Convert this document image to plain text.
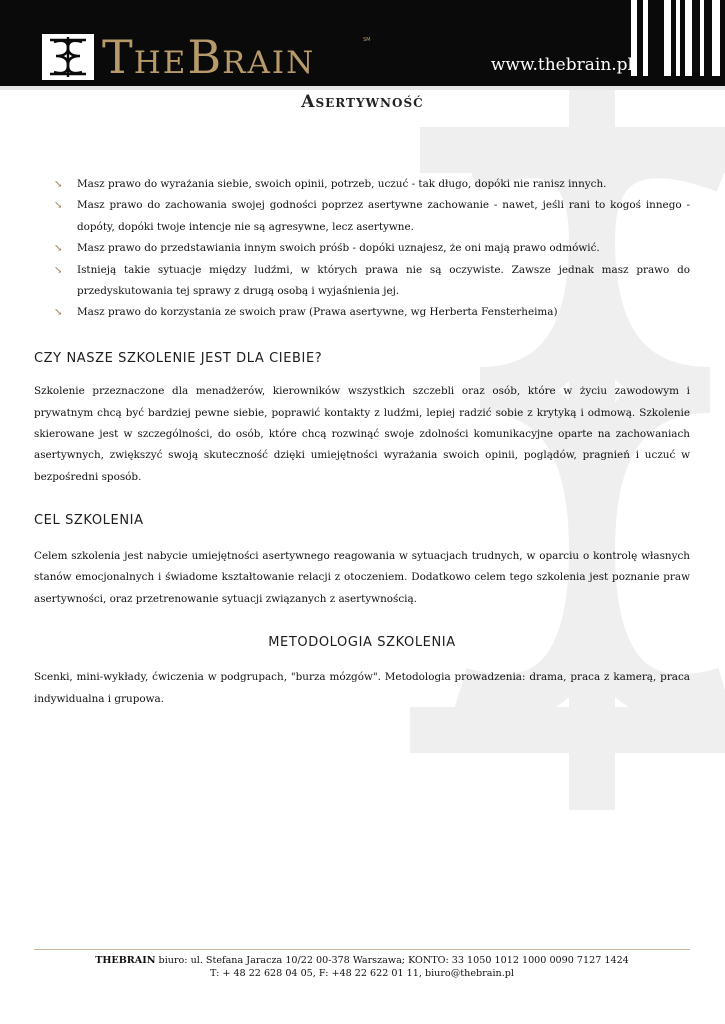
THEBRAIN
SM
www.thebrain.pl
Asertywność
↘ Masz prawo do wyrażania siebie, swoich opinii, potrzeb, uczuć - tak długo, dopóki nie ranisz innych.
↘ Masz prawo do zachowania swojej godności poprzez asertywne zachowanie - nawet, jeśli rani to kogoś innego - dopóty, dopóki twoje intencje nie są agresywne, lecz asertywne.
↘ Masz prawo do przedstawiania innym swoich próśb - dopóki uznajesz, że oni mają prawo odmówić.
↘ Istnieją takie sytuacje między ludźmi, w których prawa nie są oczywiste. Zawsze jednak masz prawo do przedyskutowania tej sprawy z drugą osobą i wyjaśnienia jej.
↘ Masz prawo do korzystania ze swoich praw (Prawa asertywne, wg Herberta Fensterheima)
CZY NASZE SZKOLENIE JEST DLA CIEBIE?

Szkolenie przeznaczone dla menadżerów, kierowników wszystkich szczebli oraz osób, które w życiu zawodowym i prywatnym chcą być bardziej pewne siebie, poprawić kontakty z ludźmi, lepiej radzić sobie z krytyką i odmową. Szkolenie skierowane jest w szczególności, do osób, które chcą rozwinąć swoje zdolności komunikacyjne oparte na zachowaniach asertywnych, zwiększyć swoją skuteczność dzięki umiejętności wyrażania swoich opinii, poglądów, pragnień i uczuć w bezpośredni sposób.

CEL SZKOLENIA

Celem szkolenia jest nabycie umiejętności asertywnego reagowania w sytuacjach trudnych, w oparciu o kontrolę własnych stanów emocjonalnych i świadome kształtowanie relacji z otoczeniem. Dodatkowo celem tego szkolenia jest poznanie praw asertywności, oraz przetrenowanie sytuacji związanych z asertywnością.

METODOLOGIA SZKOLENIA

Scenki, mini-wykłady, ćwiczenia w podgrupach, "burza mózgów". Metodologia prowadzenia: drama, praca z kamerą, praca indywidualna i grupowa.

THEBRAIN biuro: ul. Stefana Jaracza 10/22 00-378 Warszawa; KONTO: 33 1050 1012 1000 0090 7127 1424
T: + 48 22 628 04 05, F: +48 22 622 01 11, biuro@thebrain.pl
